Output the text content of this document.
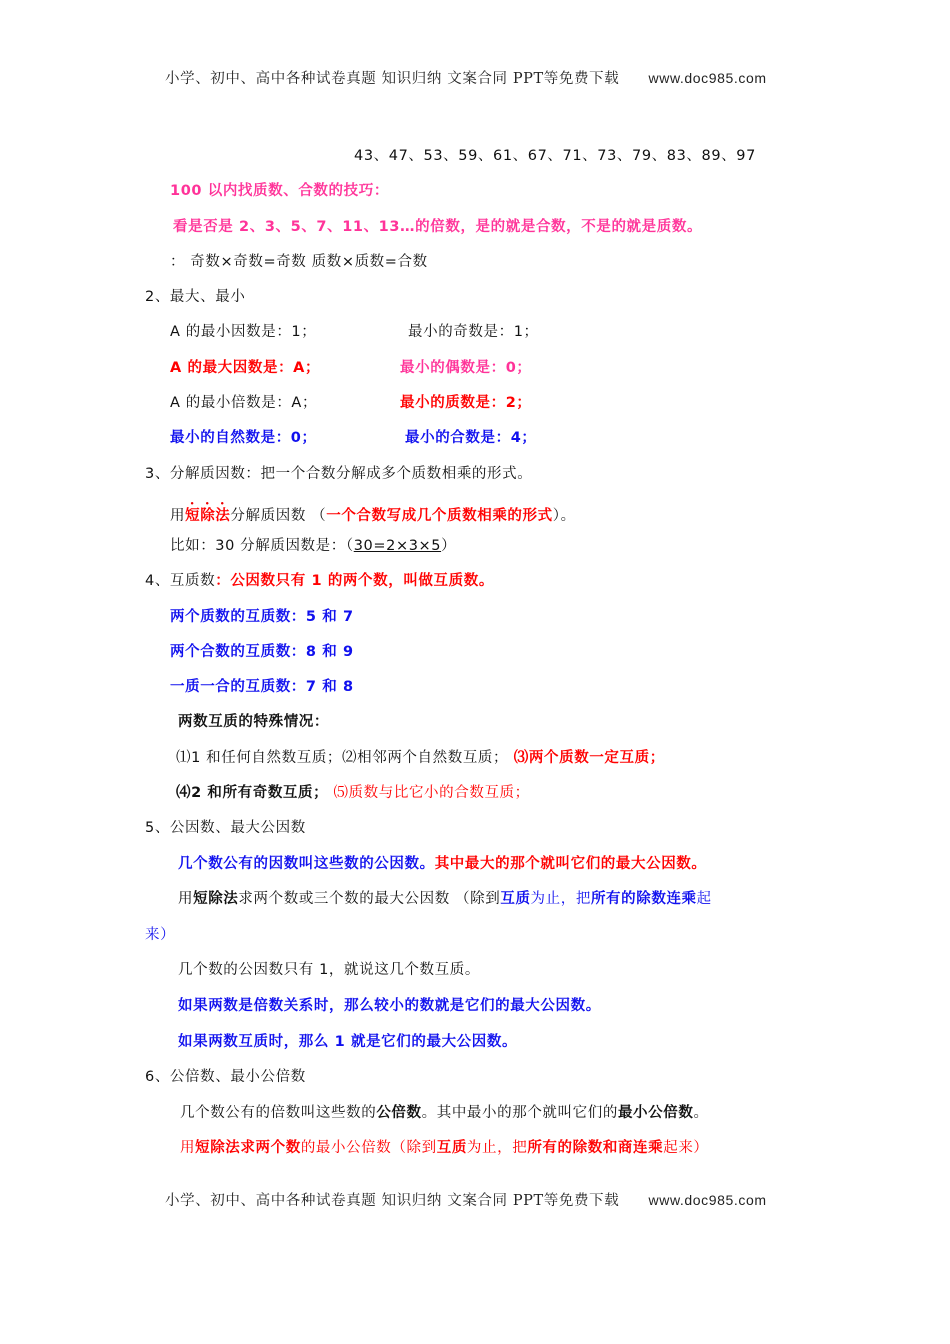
小学、初中、高中各种试卷真题 知识归纳 文案合同 PPT等免费下载 www.doc985.com
43、47、53、59、61、67、71、73、79、83、89、97
100 以内找质数、合数的技巧：
看是否是 2、3、5、7、11、13…的倍数，是的就是合数，不是的就是质数。
： 奇数×奇数=奇数 质数×质数=合数
2、最大、最小
A 的最小因数是：1；	最小的奇数是：1；
A 的最大因数是：A；	最小的偶数是：0；
A 的最小倍数是：A；	最小的质数是：2；
最小的自然数是：0；	最小的合数是：4；
3、分解质因数：把一个合数分解成多个质数相乘的形式。
用短除法分解质因数 （一个合数写成几个质数相乘的形式）。
比如：30 分解质因数是：（30=2×3×5）
4、互质数：公因数只有 1 的两个数，叫做互质数。
两个质数的互质数：5 和 7
两个合数的互质数：8 和 9
一质一合的互质数：7 和 8
两数互质的特殊情况：
⑴1 和任何自然数互质；⑵相邻两个自然数互质； ⑶两个质数一定互质；
⑷2 和所有奇数互质； ⑸质数与比它小的合数互质；
5、公因数、最大公因数
几个数公有的因数叫这些数的公因数。其中最大的那个就叫它们的最大公因数。
用短除法求两个数或三个数的最大公因数 （除到互质为止，把所有的除数连乘起
来）
几个数的公因数只有 1，就说这几个数互质。
如果两数是倍数关系时，那么较小的数就是它们的最大公因数。
如果两数互质时，那么 1 就是它们的最大公因数。
6、公倍数、最小公倍数
几个数公有的倍数叫这些数的公倍数。其中最小的那个就叫它们的最小公倍数。
用短除法求两个数的最小公倍数（除到互质为止，把所有的除数和商连乘起来）
小学、初中、高中各种试卷真题 知识归纳 文案合同 PPT等免费下载 www.doc985.com
